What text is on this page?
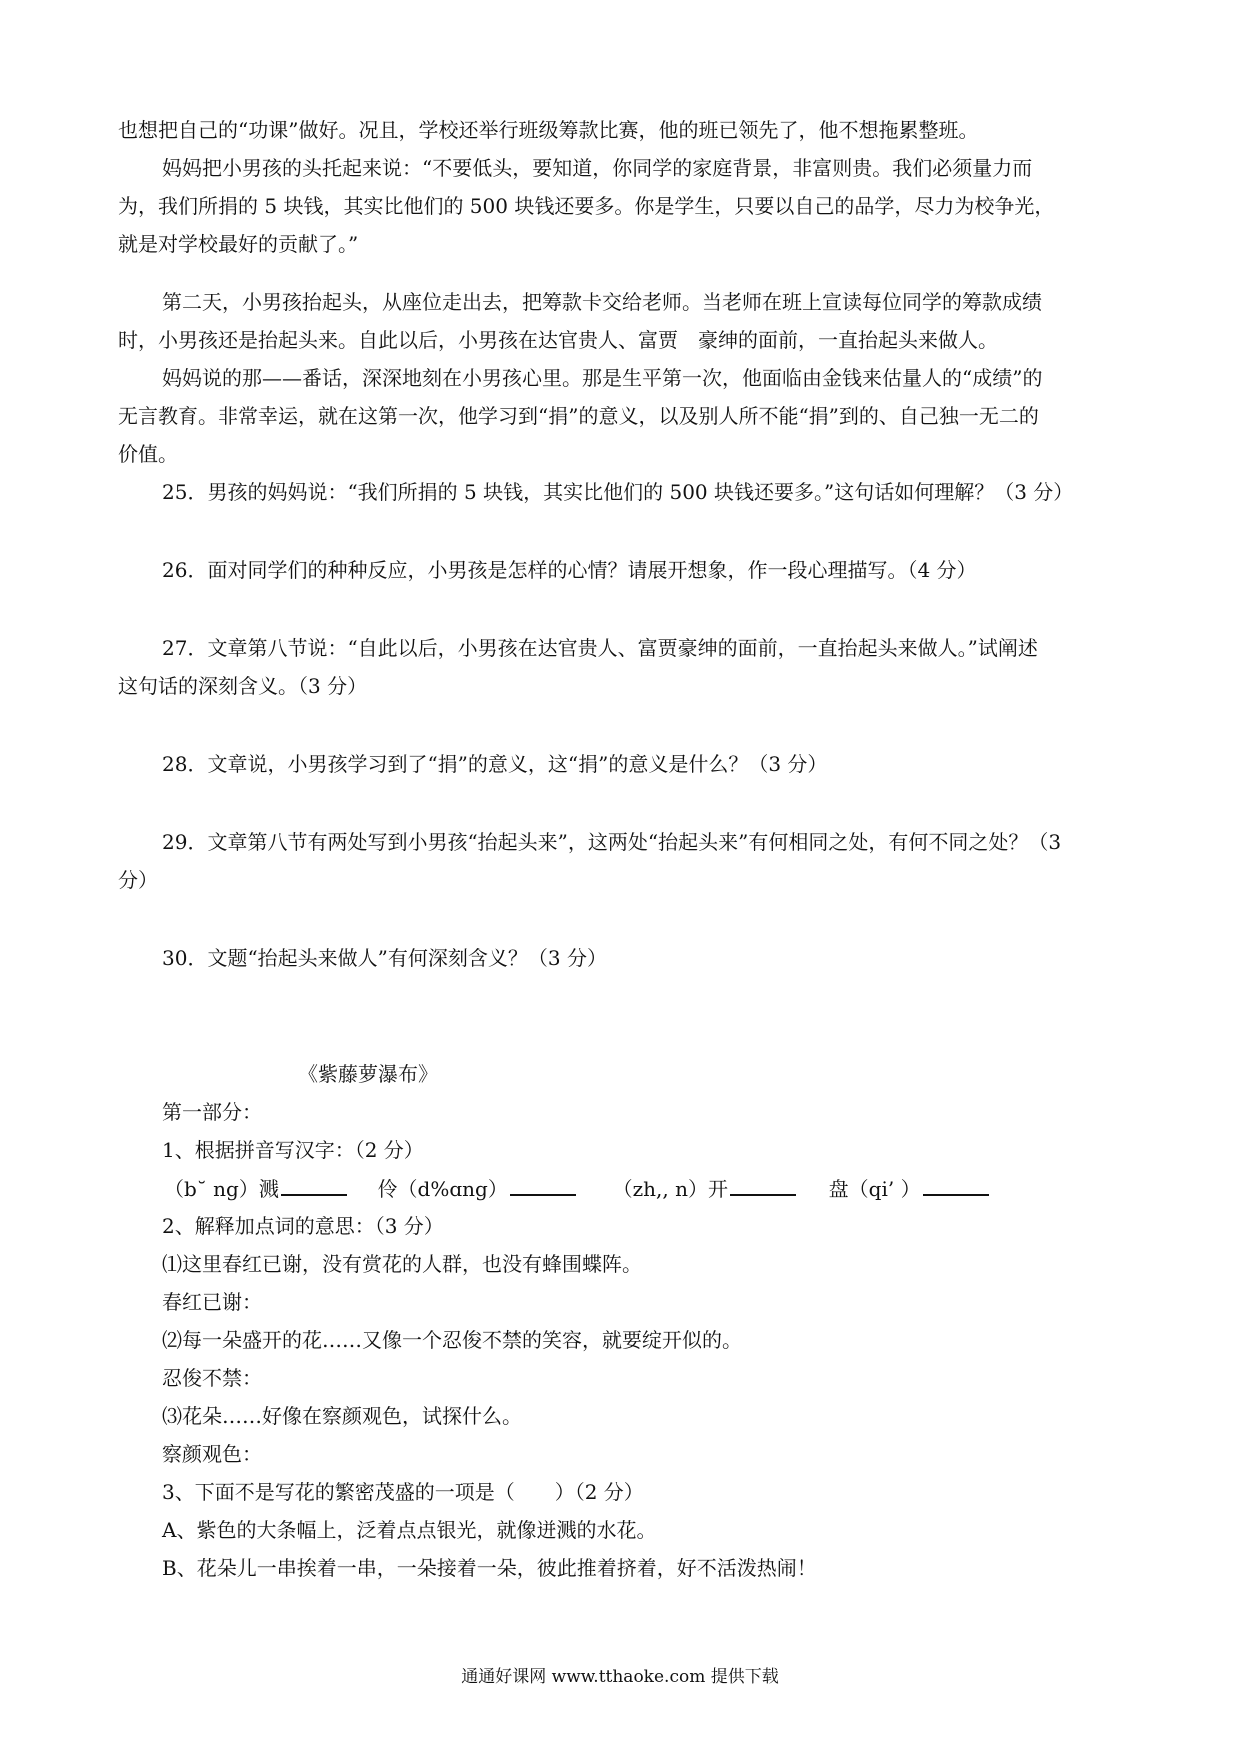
也想把自己的“功课”做好。况且，学校还举行班级筹款比赛，他的班已领先了，他不想拖累整班。
妈妈把小男孩的头托起来说：“不要低头，要知道，你同学的家庭背景，非富则贵。我们必须量力而
为，我们所捐的 5 块钱，其实比他们的 500 块钱还要多。你是学生，只要以自己的品学，尽力为校争光，
就是对学校最好的贡献了。”
第二天，小男孩抬起头，从座位走出去，把筹款卡交给老师。当老师在班上宣读每位同学的筹款成绩
时，小男孩还是抬起头来。自此以后，小男孩在达官贵人、富贾　豪绅的面前，一直抬起头来做人。
妈妈说的那——番话，深深地刻在小男孩心里。那是生平第一次，他面临由金钱来估量人的“成绩”的
无言教育。非常幸运，就在这第一次，他学习到“捐”的意义，以及别人所不能“捐”到的、自己独一无二的
价值。
25．男孩的妈妈说：“我们所捐的 5 块钱，其实比他们的 500 块钱还要多。”这句话如何理解？（3 分）
26．面对同学们的种种反应，小男孩是怎样的心情？请展开想象，作一段心理描写。（4 分）
27．文章第八节说：“自此以后，小男孩在达官贵人、富贾豪绅的面前，一直抬起头来做人。”试阐述
这句话的深刻含义。（3 分）
28．文章说，小男孩学习到了“捐”的意义，这“捐”的意义是什么？（3 分）
29．文章第八节有两处写到小男孩“抬起头来”，这两处“抬起头来”有何相同之处，有何不同之处？（3
分）
30．文题“抬起头来做人”有何深刻含义？（3 分）
《紫藤萝瀑布》
第一部分：
1、根据拼音写汉字：（2 分）
（b˘ ng）溅	伶（d%ɑng）	（zh,, n）开	盘（qi’ ）
2、解释加点词的意思：（3 分）
⑴这里春红已谢，没有赏花的人群，也没有蜂围蝶阵。
春红已谢：
⑵每一朵盛开的花……又像一个忍俊不禁的笑容，就要绽开似的。
忍俊不禁：
⑶花朵……好像在察颜观色，试探什么。
察颜观色：
3、下面不是写花的繁密茂盛的一项是（　　）（2 分）
A、紫色的大条幅上，泛着点点银光，就像迸溅的水花。
B、花朵儿一串挨着一串，一朵接着一朵，彼此推着挤着，好不活泼热闹！
通通好课网 www.tthaoke.com 提供下载
